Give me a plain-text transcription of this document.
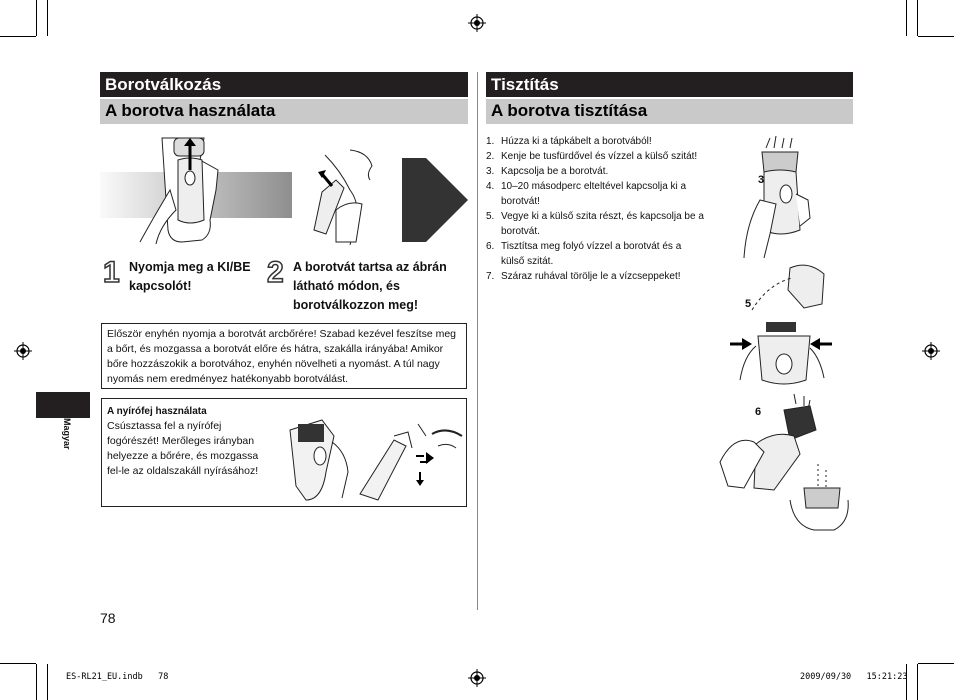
Borotválkozás
A borotva használata
1 Nyomja meg a KI/BE kapcsolót!	2 A borotvát tartsa az ábrán látható módon, és borotválkozzon meg!
Először enyhén nyomja a borotvát arcbőrére! Szabad kezével feszítse meg a bőrt, és mozgassa a borotvát előre és hátra, szakálla irányába! Amikor bőre hozzászokik a borotvához, enyhén növelheti a nyomást. A túl nagy nyomás nem eredményez hatékonyabb borotválást.
Magyar
A nyírófej használata
Csúsztassa fel a nyírófej fogórészét! Merőleges irányban helyezze a bőrére, és mozgassa fel-le az oldalszakáll nyírásához!
78
Tisztítás
A borotva tisztítása
1. Húzza ki a tápkábelt a borotvából!
2. Kenje be tusfürdővel és vízzel a külső szitát!
3. Kapcsolja be a borotvát.
4. 10–20 másodperc elteltével kapcsolja ki a borotvát!
5. Vegye ki a külső szita részt, és kapcsolja be a borotvát.
6. Tisztítsa meg folyó vízzel a borotvát és a külső szitát.
7. Száraz ruhával törölje le a vízcseppeket!
3
5
6
ES-RL21_EU.indb   78	2009/09/30   15:21:23
